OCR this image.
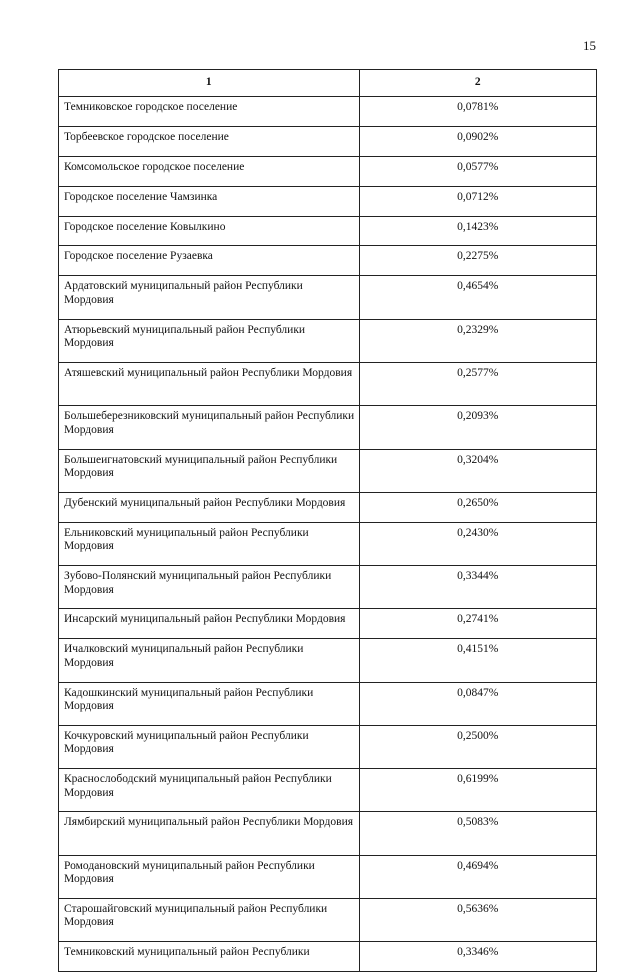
15
1	2
Темниковское городское поселение	0,0781%
Торбеевское городское поселение	0,0902%
Комсомольское городское поселение	0,0577%
Городское поселение Чамзинка	0,0712%
Городское поселение Ковылкино	0,1423%
Городское поселение Рузаевка	0,2275%
Ардатовский муниципальный район Республики Мордовия	0,4654%
Атюрьевский муниципальный район Республики Мордовия	0,2329%
Атяшевский муниципальный район Республики Мордовия	0,2577%
Большеберезниковский муниципальный район Республики Мордовия	0,2093%
Большеигнатовский муниципальный район Республики Мордовия	0,3204%
Дубенский муниципальный район Республики Мордовия	0,2650%
Ельниковский муниципальный район Республики Мордовия	0,2430%
Зубово-Полянский муниципальный район Республики Мордовия	0,3344%
Инсарский муниципальный район Республики Мордовия	0,2741%
Ичалковский муниципальный район Республики Мордовия	0,4151%
Кадошкинский муниципальный район Республики Мордовия	0,0847%
Кочкуровский муниципальный район Республики Мордовия	0,2500%
Краснослободский муниципальный район Республики Мордовия	0,6199%
Лямбирский муниципальный район Республики Мордовия	0,5083%
Ромодановский муниципальный район Республики Мордовия	0,4694%
Старошайговский муниципальный район Республики Мордовия	0,5636%
Темниковский муниципальный район Республики	0,3346%
